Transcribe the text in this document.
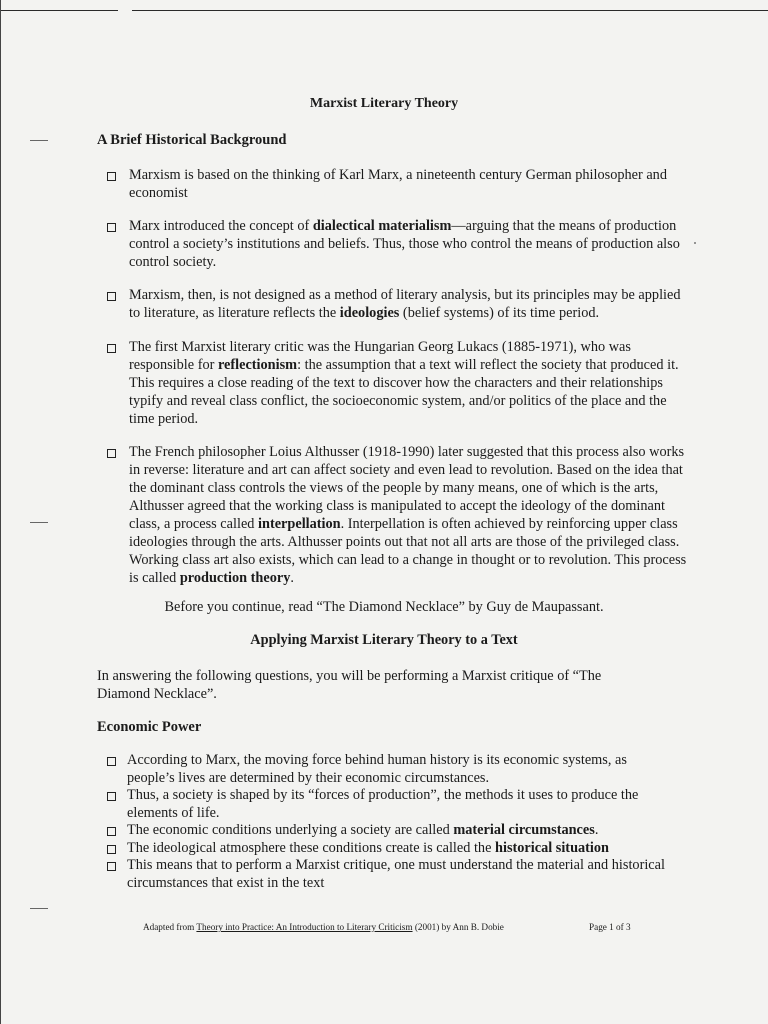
Marxist Literary Theory
A Brief Historical Background
Marxism is based on the thinking of Karl Marx, a nineteenth century German philosopher and economist
Marx introduced the concept of dialectical materialism—arguing that the means of production control a society’s institutions and beliefs. Thus, those who control the means of production also control society.
Marxism, then, is not designed as a method of literary analysis, but its principles may be applied to literature, as literature reflects the ideologies (belief systems) of its time period.
The first Marxist literary critic was the Hungarian Georg Lukacs (1885-1971), who was responsible for reflectionism: the assumption that a text will reflect the society that produced it. This requires a close reading of the text to discover how the characters and their relationships typify and reveal class conflict, the socioeconomic system, and/or politics of the place and the time period.
The French philosopher Loius Althusser (1918-1990) later suggested that this process also works in reverse: literature and art can affect society and even lead to revolution. Based on the idea that the dominant class controls the views of the people by many means, one of which is the arts, Althusser agreed that the working class is manipulated to accept the ideology of the dominant class, a process called interpellation. Interpellation is often achieved by reinforcing upper class ideologies through the arts. Althusser points out that not all arts are those of the privileged class. Working class art also exists, which can lead to a change in thought or to revolution. This process is called production theory.
Before you continue, read “The Diamond Necklace” by Guy de Maupassant.
Applying Marxist Literary Theory to a Text
In answering the following questions, you will be performing a Marxist critique of “The Diamond Necklace”.
Economic Power
According to Marx, the moving force behind human history is its economic systems, as people’s lives are determined by their economic circumstances.
Thus, a society is shaped by its “forces of production”, the methods it uses to produce the elements of life.
The economic conditions underlying a society are called material circumstances.
The ideological atmosphere these conditions create is called the historical situation
This means that to perform a Marxist critique, one must understand the material and historical circumstances that exist in the text
Adapted from Theory into Practice: An Introduction to Literary Criticism (2001) by Ann B. Dobie	Page 1 of 3
